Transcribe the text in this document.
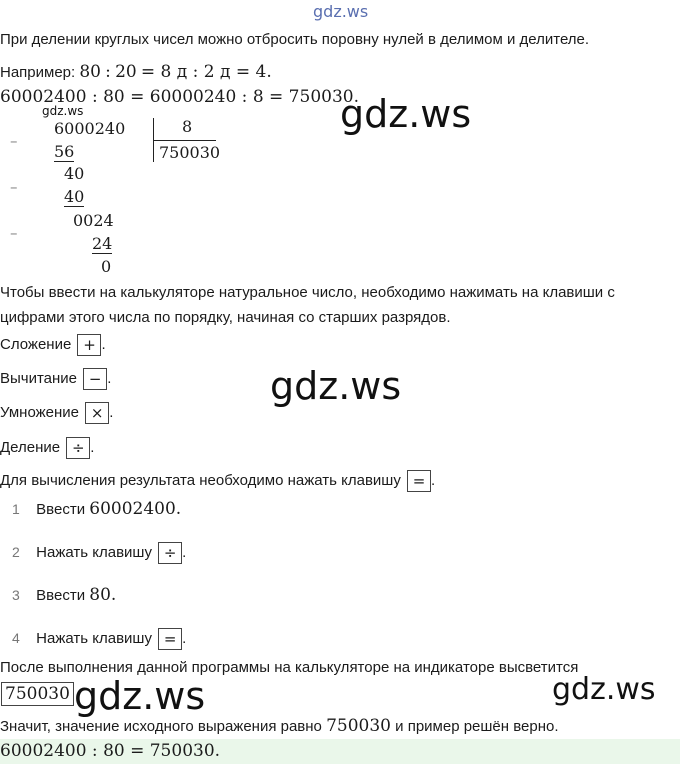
gdz.ws
При делении круглых чисел можно отбросить поровну нулей в делимом и делителе.
Например: 80 : 20 = 8 д : 2 д = 4.
60002400 : 80 = 60000240 : 8 = 750030.
gdz.ws	gdz.ws
–
–
–
6000240	8
750030
56
40
40
0024
24
0
Чтобы ввести на калькуляторе натуральное число, необходимо нажимать на клавиши с
цифрами этого числа по порядку, начиная со старших разрядов.
Сложение + .
Вычитание − .	gdz.ws
Умножение × .
Деление ÷ .
Для вычисления результата необходимо нажать клавишу = .
1 Ввести 60002400.
2 Нажать клавишу ÷ .
3 Ввести 80.
4 Нажать клавишу = .
После выполнения данной программы на калькуляторе на индикаторе высветится
750030 gdz.ws	gdz.ws
Значит, значение исходного выражения равно 750030 и пример решён верно.
60002400 : 80 = 750030.
